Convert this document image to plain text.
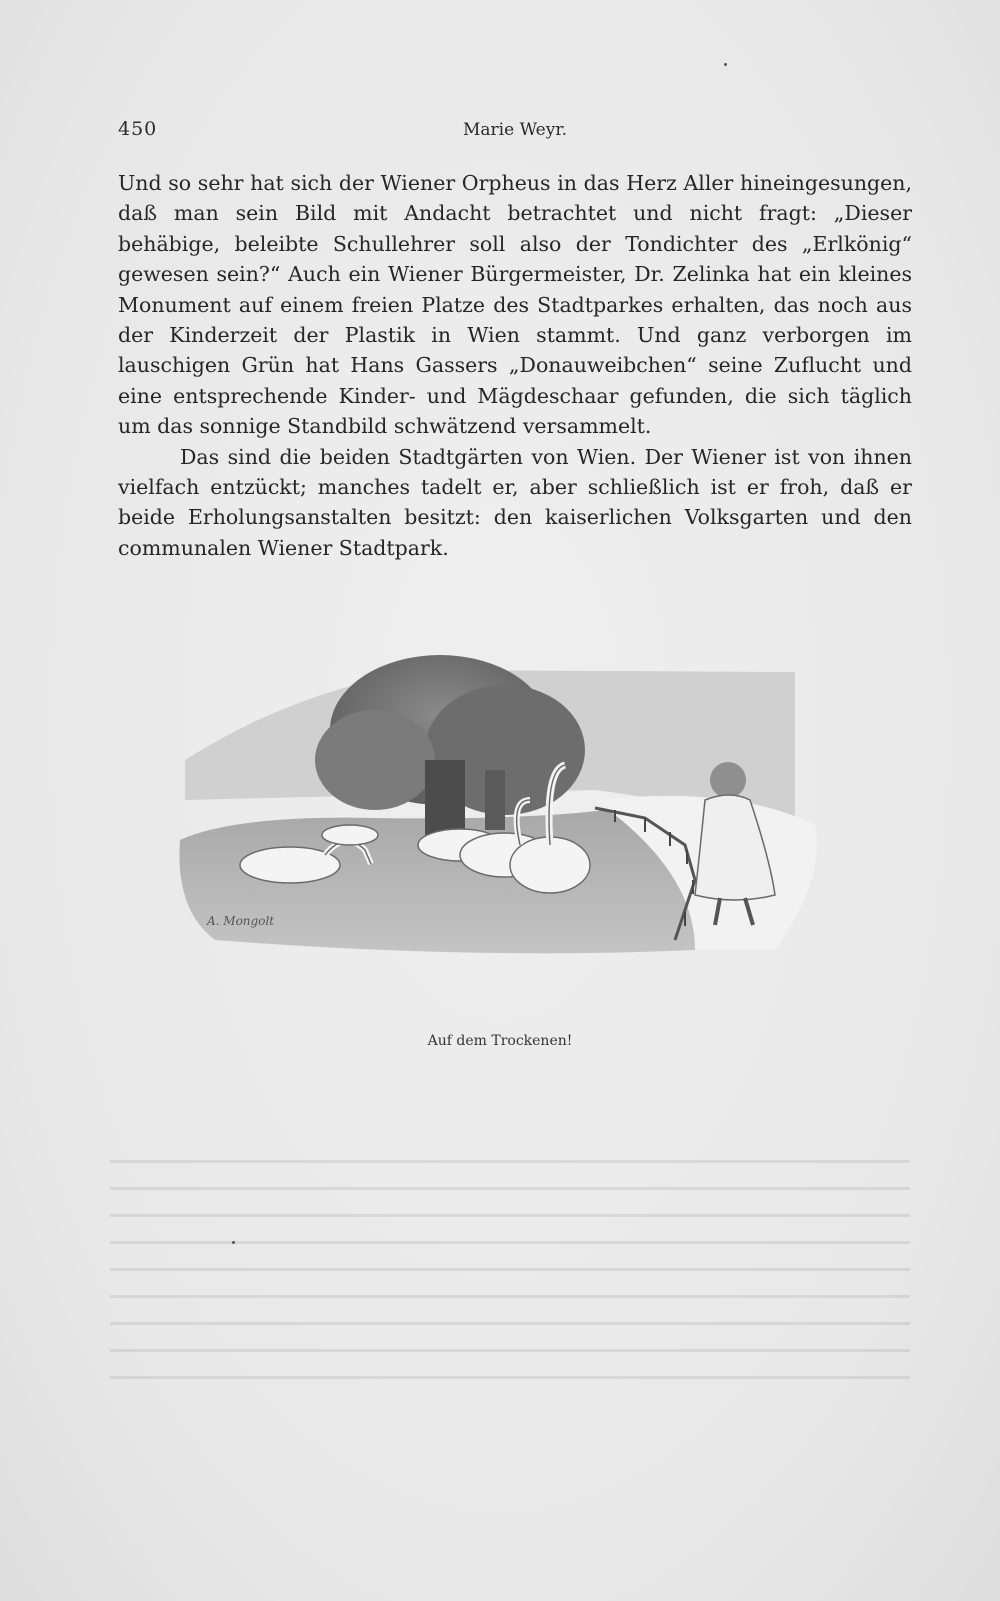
450	Marie Weyr.

Und so sehr hat sich der Wiener Orpheus in das Herz Aller hineingesungen, daß man sein Bild mit Andacht betrachtet und nicht fragt: „Dieser behäbige, beleibte Schullehrer soll also der Tondichter des „Erlkönig“ gewesen sein?“ Auch ein Wiener Bürgermeister, Dr. Zelinka hat ein kleines Monument auf einem freien Platze des Stadtparkes erhalten, das noch aus der Kinderzeit der Plastik in Wien stammt. Und ganz verborgen im lauschigen Grün hat Hans Gassers „Donauweibchen“ seine Zuflucht und eine entsprechende Kinder- und Mägdeschaar gefunden, die sich täglich um das sonnige Standbild schwätzend versammelt.

Das sind die beiden Stadtgärten von Wien. Der Wiener ist von ihnen vielfach entzückt; manches tadelt er, aber schließlich ist er froh, daß er beide Erholungsanstalten besitzt: den kaiserlichen Volksgarten und den communalen Wiener Stadtpark.

A. Mongolt
Auf dem Trockenen!
